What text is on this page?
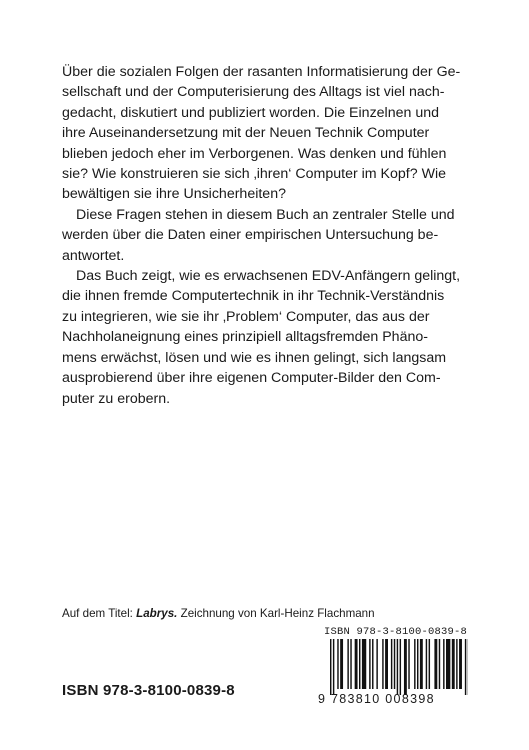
Über die sozialen Folgen der rasanten Informatisierung der Ge-
sellschaft und der Computerisierung des Alltags ist viel nach-
gedacht, diskutiert und publiziert worden. Die Einzelnen und
ihre Auseinandersetzung mit der Neuen Technik Computer
blieben jedoch eher im Verborgenen. Was denken und fühlen
sie? Wie konstruieren sie sich ‚ihren‘ Computer im Kopf? Wie
bewältigen sie ihre Unsicherheiten?

Diese Fragen stehen in diesem Buch an zentraler Stelle und
werden über die Daten einer empirischen Untersuchung be-
antwortet.

Das Buch zeigt, wie es erwachsenen EDV-Anfängern gelingt,
die ihnen fremde Computertechnik in ihr Technik-Verständnis
zu integrieren, wie sie ihr ‚Problem‘ Computer, das aus der
Nachholaneignung eines prinzipiell alltagsfremden Phäno-
mens erwächst, lösen und wie es ihnen gelingt, sich langsam
ausprobierend über ihre eigenen Computer-Bilder den Com-
puter zu erobern.

Auf dem Titel: Labrys. Zeichnung von Karl-Heinz Flachmann
ISBN 978-3-8100-0839-8
ISBN 978-3-8100-0839-8
9 783810 008398
